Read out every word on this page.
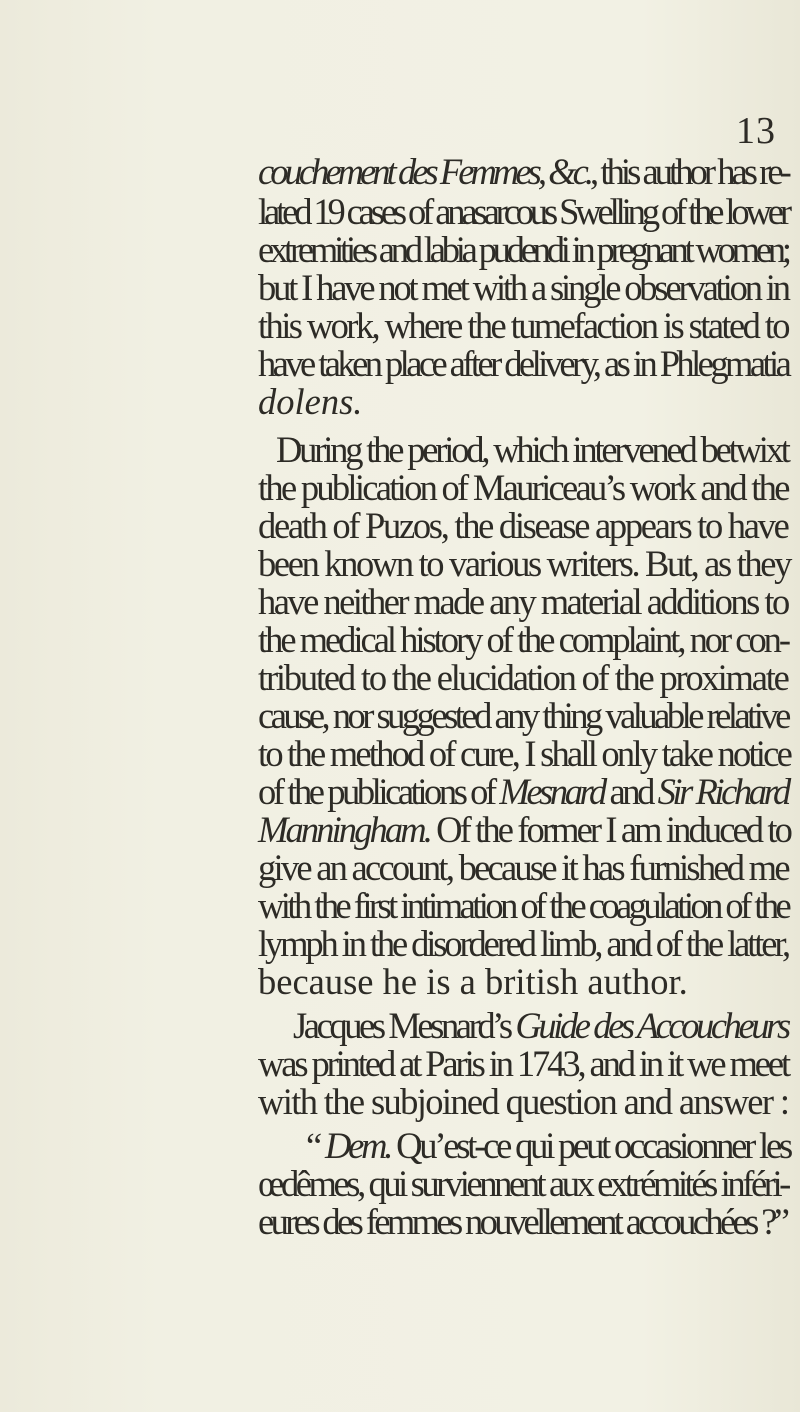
13
couchement des Femmes, &c., this author has re-
lated 19 cases of anasarcous Swelling of the lower
extremities and labia pudendi in pregnant women;
but I have not met with a single observation in
this work, where the tumefaction is stated to
have taken place after delivery, as in Phlegmatia
dolens.
During the period, which intervened betwixt
the publication of Mauriceau’s work and the
death of Puzos, the disease appears to have
been known to various writers. But, as they
have neither made any material additions to
the medical history of the complaint, nor con-
tributed to the elucidation of the proximate
cause, nor suggested any thing valuable relative
to the method of cure, I shall only take notice
of the publications of Mesnard and Sir Richard
Manningham. Of the former I am induced to
give an account, because it has furnished me
with the first intimation of the coagulation of the
lymph in the disordered limb, and of the latter,
because he is a british author.
Jacques Mesnard’s Guide des Accoucheurs
was printed at Paris in 1743, and in it we meet
with the subjoined question and answer :
“ Dem. Qu’est-ce qui peut occasionner les
œdêmes, qui surviennent aux extrémités inféri-
eures des femmes nouvellement accouchées ?”
